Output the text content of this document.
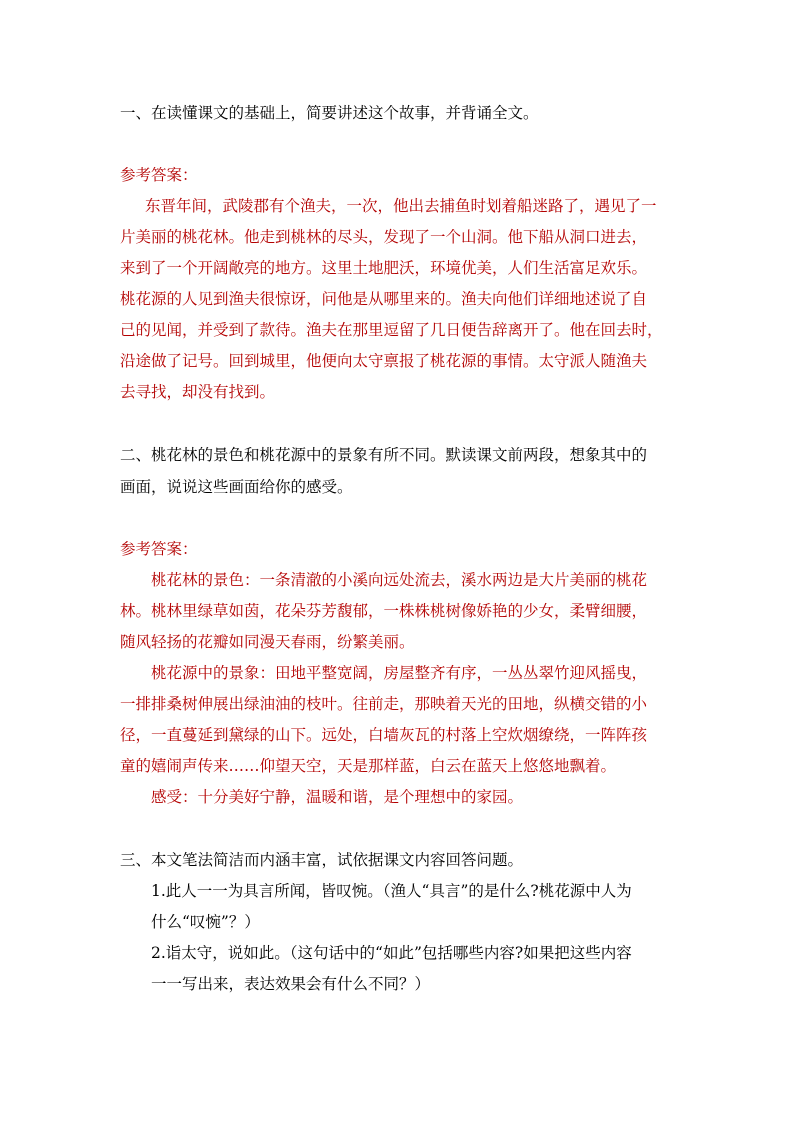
一、在读懂课文的基础上，简要讲述这个故事，并背诵全文。
参考答案：
东晋年间，武陵郡有个渔夫，一次，他出去捕鱼时划着船迷路了，遇见了一
片美丽的桃花林。他走到桃林的尽头，发现了一个山洞。他下船从洞口进去，
来到了一个开阔敞亮的地方。这里土地肥沃，环境优美，人们生活富足欢乐。
桃花源的人见到渔夫很惊讶，问他是从哪里来的。渔夫向他们详细地述说了自
己的见闻，并受到了款待。渔夫在那里逗留了几日便告辞离开了。他在回去时，
沿途做了记号。回到城里，他便向太守禀报了桃花源的事情。太守派人随渔夫
去寻找，却没有找到。
二、桃花林的景色和桃花源中的景象有所不同。默读课文前两段，想象其中的
画面，说说这些画面给你的感受。
参考答案：
桃花林的景色：一条清澈的小溪向远处流去，溪水两边是大片美丽的桃花
林。桃林里绿草如茵，花朵芬芳馥郁，一株株桃树像娇艳的少女，柔臂细腰，
随风轻扬的花瓣如同漫天春雨，纷繁美丽。
桃花源中的景象：田地平整宽阔，房屋整齐有序，一丛丛翠竹迎风摇曳，
一排排桑树伸展出绿油油的枝叶。往前走，那映着天光的田地，纵横交错的小
径，一直蔓延到黛绿的山下。远处，白墙灰瓦的村落上空炊烟缭绕，一阵阵孩
童的嬉闹声传来……仰望天空，天是那样蓝，白云在蓝天上悠悠地飘着。
感受：十分美好宁静，温暖和谐，是个理想中的家园。
三、本文笔法简洁而内涵丰富，试依据课文内容回答问题。
1.此人一一为具言所闻，皆叹惋。（渔人“具言”的是什么?桃花源中人为
什么“叹惋”？）
2.诣太守，说如此。（这句话中的“如此”包括哪些内容?如果把这些内容
一一写出来，表达效果会有什么不同？）
